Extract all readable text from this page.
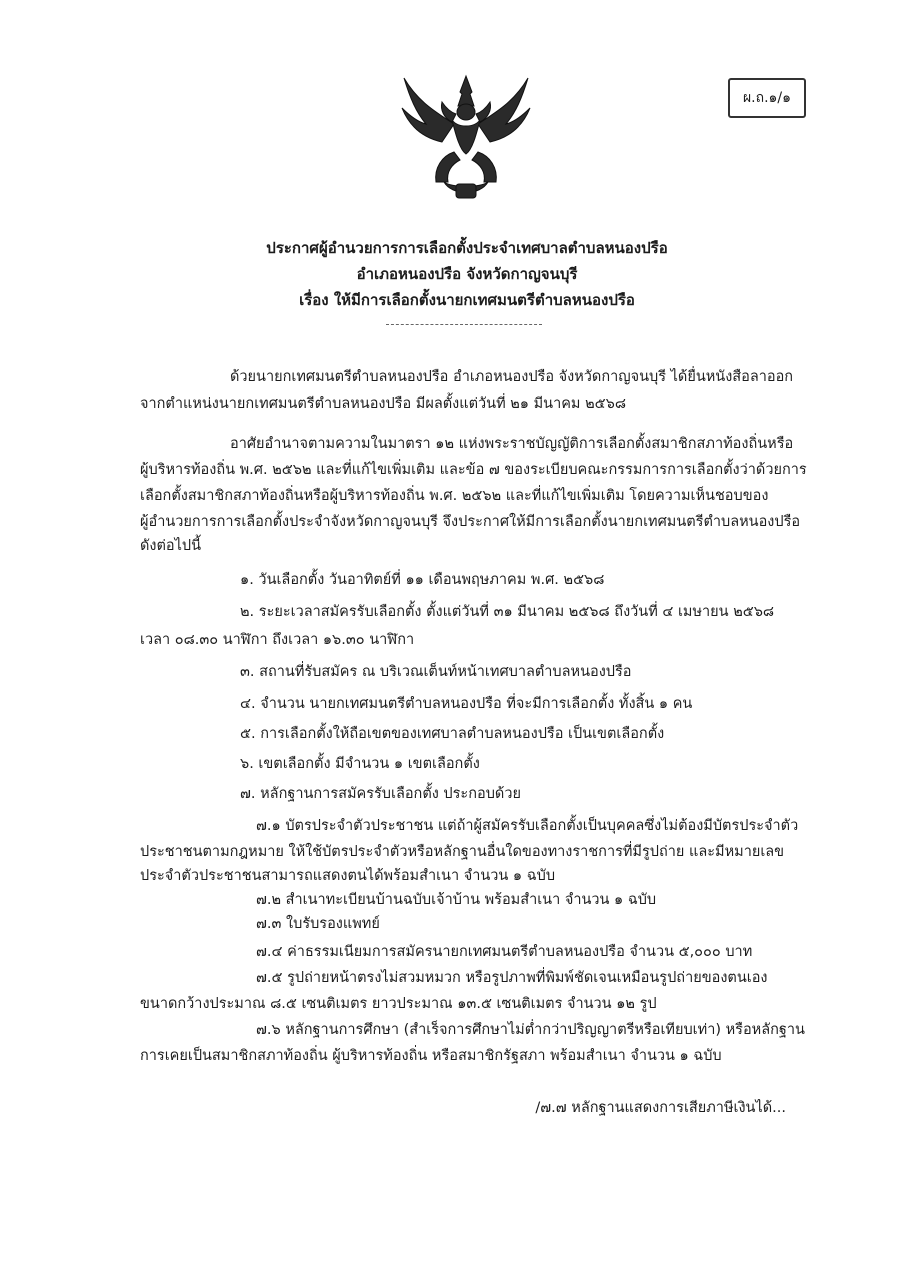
ผ.ถ.๑/๑
ประกาศผู้อำนวยการการเลือกตั้งประจำเทศบาลตำบลหนองปรือ
อำเภอหนองปรือ จังหวัดกาญจนบุรี
เรื่อง ให้มีการเลือกตั้งนายกเทศมนตรีตำบลหนองปรือ
ด้วยนายกเทศมนตรีตำบลหนองปรือ อำเภอหนองปรือ จังหวัดกาญจนบุรี ได้ยื่นหนังสือลาออก
จากตำแหน่งนายกเทศมนตรีตำบลหนองปรือ มีผลตั้งแต่วันที่ ๒๑ มีนาคม ๒๕๖๘
อาศัยอำนาจตามความในมาตรา ๑๒ แห่งพระราชบัญญัติการเลือกตั้งสมาชิกสภาท้องถิ่นหรือ
ผู้บริหารท้องถิ่น พ.ศ. ๒๕๖๒ และที่แก้ไขเพิ่มเติม และข้อ ๗ ของระเบียบคณะกรรมการการเลือกตั้งว่าด้วยการ
เลือกตั้งสมาชิกสภาท้องถิ่นหรือผู้บริหารท้องถิ่น พ.ศ. ๒๕๖๒ และที่แก้ไขเพิ่มเติม โดยความเห็นชอบของ
ผู้อำนวยการการเลือกตั้งประจำจังหวัดกาญจนบุรี จึงประกาศให้มีการเลือกตั้งนายกเทศมนตรีตำบลหนองปรือ
ดังต่อไปนี้
๑. วันเลือกตั้ง วันอาทิตย์ที่ ๑๑ เดือนพฤษภาคม พ.ศ. ๒๕๖๘
๒. ระยะเวลาสมัครรับเลือกตั้ง ตั้งแต่วันที่ ๓๑ มีนาคม ๒๕๖๘ ถึงวันที่ ๔ เมษายน ๒๕๖๘
เวลา ๐๘.๓๐ นาฬิกา ถึงเวลา ๑๖.๓๐ นาฬิกา
๓. สถานที่รับสมัคร ณ บริเวณเต็นท์หน้าเทศบาลตำบลหนองปรือ
๔. จำนวน นายกเทศมนตรีตำบลหนองปรือ ที่จะมีการเลือกตั้ง ทั้งสิ้น ๑ คน
๕. การเลือกตั้งให้ถือเขตของเทศบาลตำบลหนองปรือ เป็นเขตเลือกตั้ง
๖. เขตเลือกตั้ง มีจำนวน ๑ เขตเลือกตั้ง
๗. หลักฐานการสมัครรับเลือกตั้ง ประกอบด้วย
๗.๑ บัตรประจำตัวประชาชน แต่ถ้าผู้สมัครรับเลือกตั้งเป็นบุคคลซึ่งไม่ต้องมีบัตรประจำตัว
ประชาชนตามกฎหมาย ให้ใช้บัตรประจำตัวหรือหลักฐานอื่นใดของทางราชการที่มีรูปถ่าย และมีหมายเลข
ประจำตัวประชาชนสามารถแสดงตนได้พร้อมสำเนา จำนวน ๑ ฉบับ
๗.๒ สำเนาทะเบียนบ้านฉบับเจ้าบ้าน พร้อมสำเนา จำนวน ๑ ฉบับ
๗.๓ ใบรับรองแพทย์
๗.๔ ค่าธรรมเนียมการสมัครนายกเทศมนตรีตำบลหนองปรือ จำนวน ๕,๐๐๐ บาท
๗.๕ รูปถ่ายหน้าตรงไม่สวมหมวก หรือรูปภาพที่พิมพ์ชัดเจนเหมือนรูปถ่ายของตนเอง
ขนาดกว้างประมาณ ๘.๕ เซนติเมตร ยาวประมาณ ๑๓.๕ เซนติเมตร จำนวน ๑๒ รูป
๗.๖ หลักฐานการศึกษา (สำเร็จการศึกษาไม่ต่ำกว่าปริญญาตรีหรือเทียบเท่า) หรือหลักฐาน
การเคยเป็นสมาชิกสภาท้องถิ่น ผู้บริหารท้องถิ่น หรือสมาชิกรัฐสภา พร้อมสำเนา จำนวน ๑ ฉบับ
/๗.๗ หลักฐานแสดงการเสียภาษีเงินได้...
